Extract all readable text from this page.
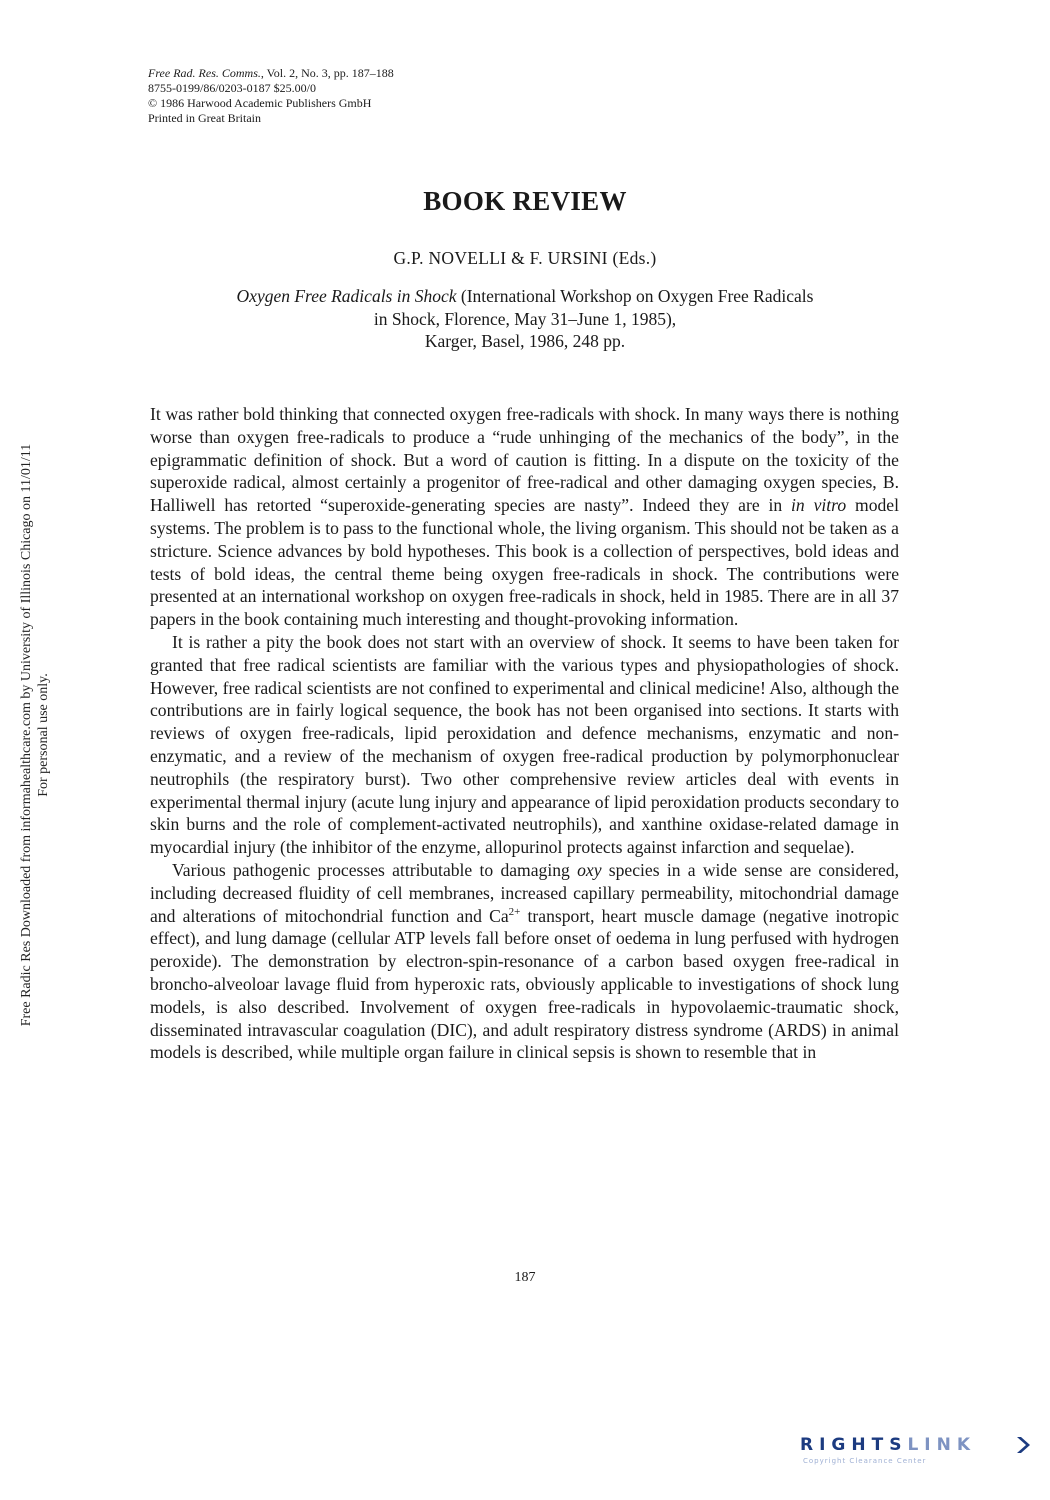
Free Rad. Res. Comms., Vol. 2, No. 3, pp. 187–188
8755-0199/86/0203-0187 $25.00/0
© 1986 Harwood Academic Publishers GmbH
Printed in Great Britain
BOOK REVIEW
G.P. NOVELLI & F. URSINI (Eds.)
Oxygen Free Radicals in Shock (International Workshop on Oxygen Free Radicals
in Shock, Florence, May 31–June 1, 1985),
Karger, Basel, 1986, 248 pp.

It was rather bold thinking that connected oxygen free-radicals with shock. In many ways there is nothing worse than oxygen free-radicals to produce a “rude unhinging of the mechanics of the body”, in the epigrammatic definition of shock. But a word of caution is fitting. In a dispute on the toxicity of the superoxide radical, almost certainly a progenitor of free-radical and other damaging oxygen species, B. Halliwell has retorted “superoxide-generating species are nasty”. Indeed they are in in vitro model systems. The problem is to pass to the functional whole, the living organism. This should not be taken as a stricture. Science advances by bold hypotheses. This book is a collection of perspectives, bold ideas and tests of bold ideas, the central theme being oxygen free-radicals in shock. The contributions were presented at an international workshop on oxygen free-radicals in shock, held in 1985. There are in all 37 papers in the book containing much interesting and thought-provoking information.

It is rather a pity the book does not start with an overview of shock. It seems to have been taken for granted that free radical scientists are familiar with the various types and physiopathologies of shock. However, free radical scientists are not confined to experimental and clinical medicine! Also, although the contributions are in fairly logical sequence, the book has not been organised into sections. It starts with reviews of oxygen free-radicals, lipid peroxidation and defence mechanisms, enzymatic and non-enzymatic, and a review of the mechanism of oxygen free-radical production by polymorphonuclear neutrophils (the respiratory burst). Two other comprehensive review articles deal with events in experimental thermal injury (acute lung injury and appearance of lipid peroxidation products secondary to skin burns and the role of complement-activated neutrophils), and xanthine oxidase-related damage in myocardial injury (the inhibitor of the enzyme, allopurinol protects against infarction and sequelae).

Various pathogenic processes attributable to damaging oxy species in a wide sense are considered, including decreased fluidity of cell membranes, increased capillary permeability, mitochondrial damage and alterations of mitochondrial function and $Ca^{2+}$ transport, heart muscle damage (negative inotropic effect), and lung damage (cellular ATP levels fall before onset of oedema in lung perfused with hydrogen peroxide). The demonstration by electron-spin-resonance of a carbon based oxygen free-radical in broncho-alveoloar lavage fluid from hyperoxic rats, obviously applicable to investigations of shock lung models, is also described. Involvement of oxygen free-radicals in hypovolaemic-traumatic shock, disseminated intravascular coagulation (DIC), and adult respiratory distress syndrome (ARDS) in animal models is described, while multiple organ failure in clinical sepsis is shown to resemble that in

187
Free Radic Res Downloaded from informahealthcare.com by University of Illinois Chicago on 11/01/11 For personal use only.
RIGHTSLINK
Copyright Clearance Center
